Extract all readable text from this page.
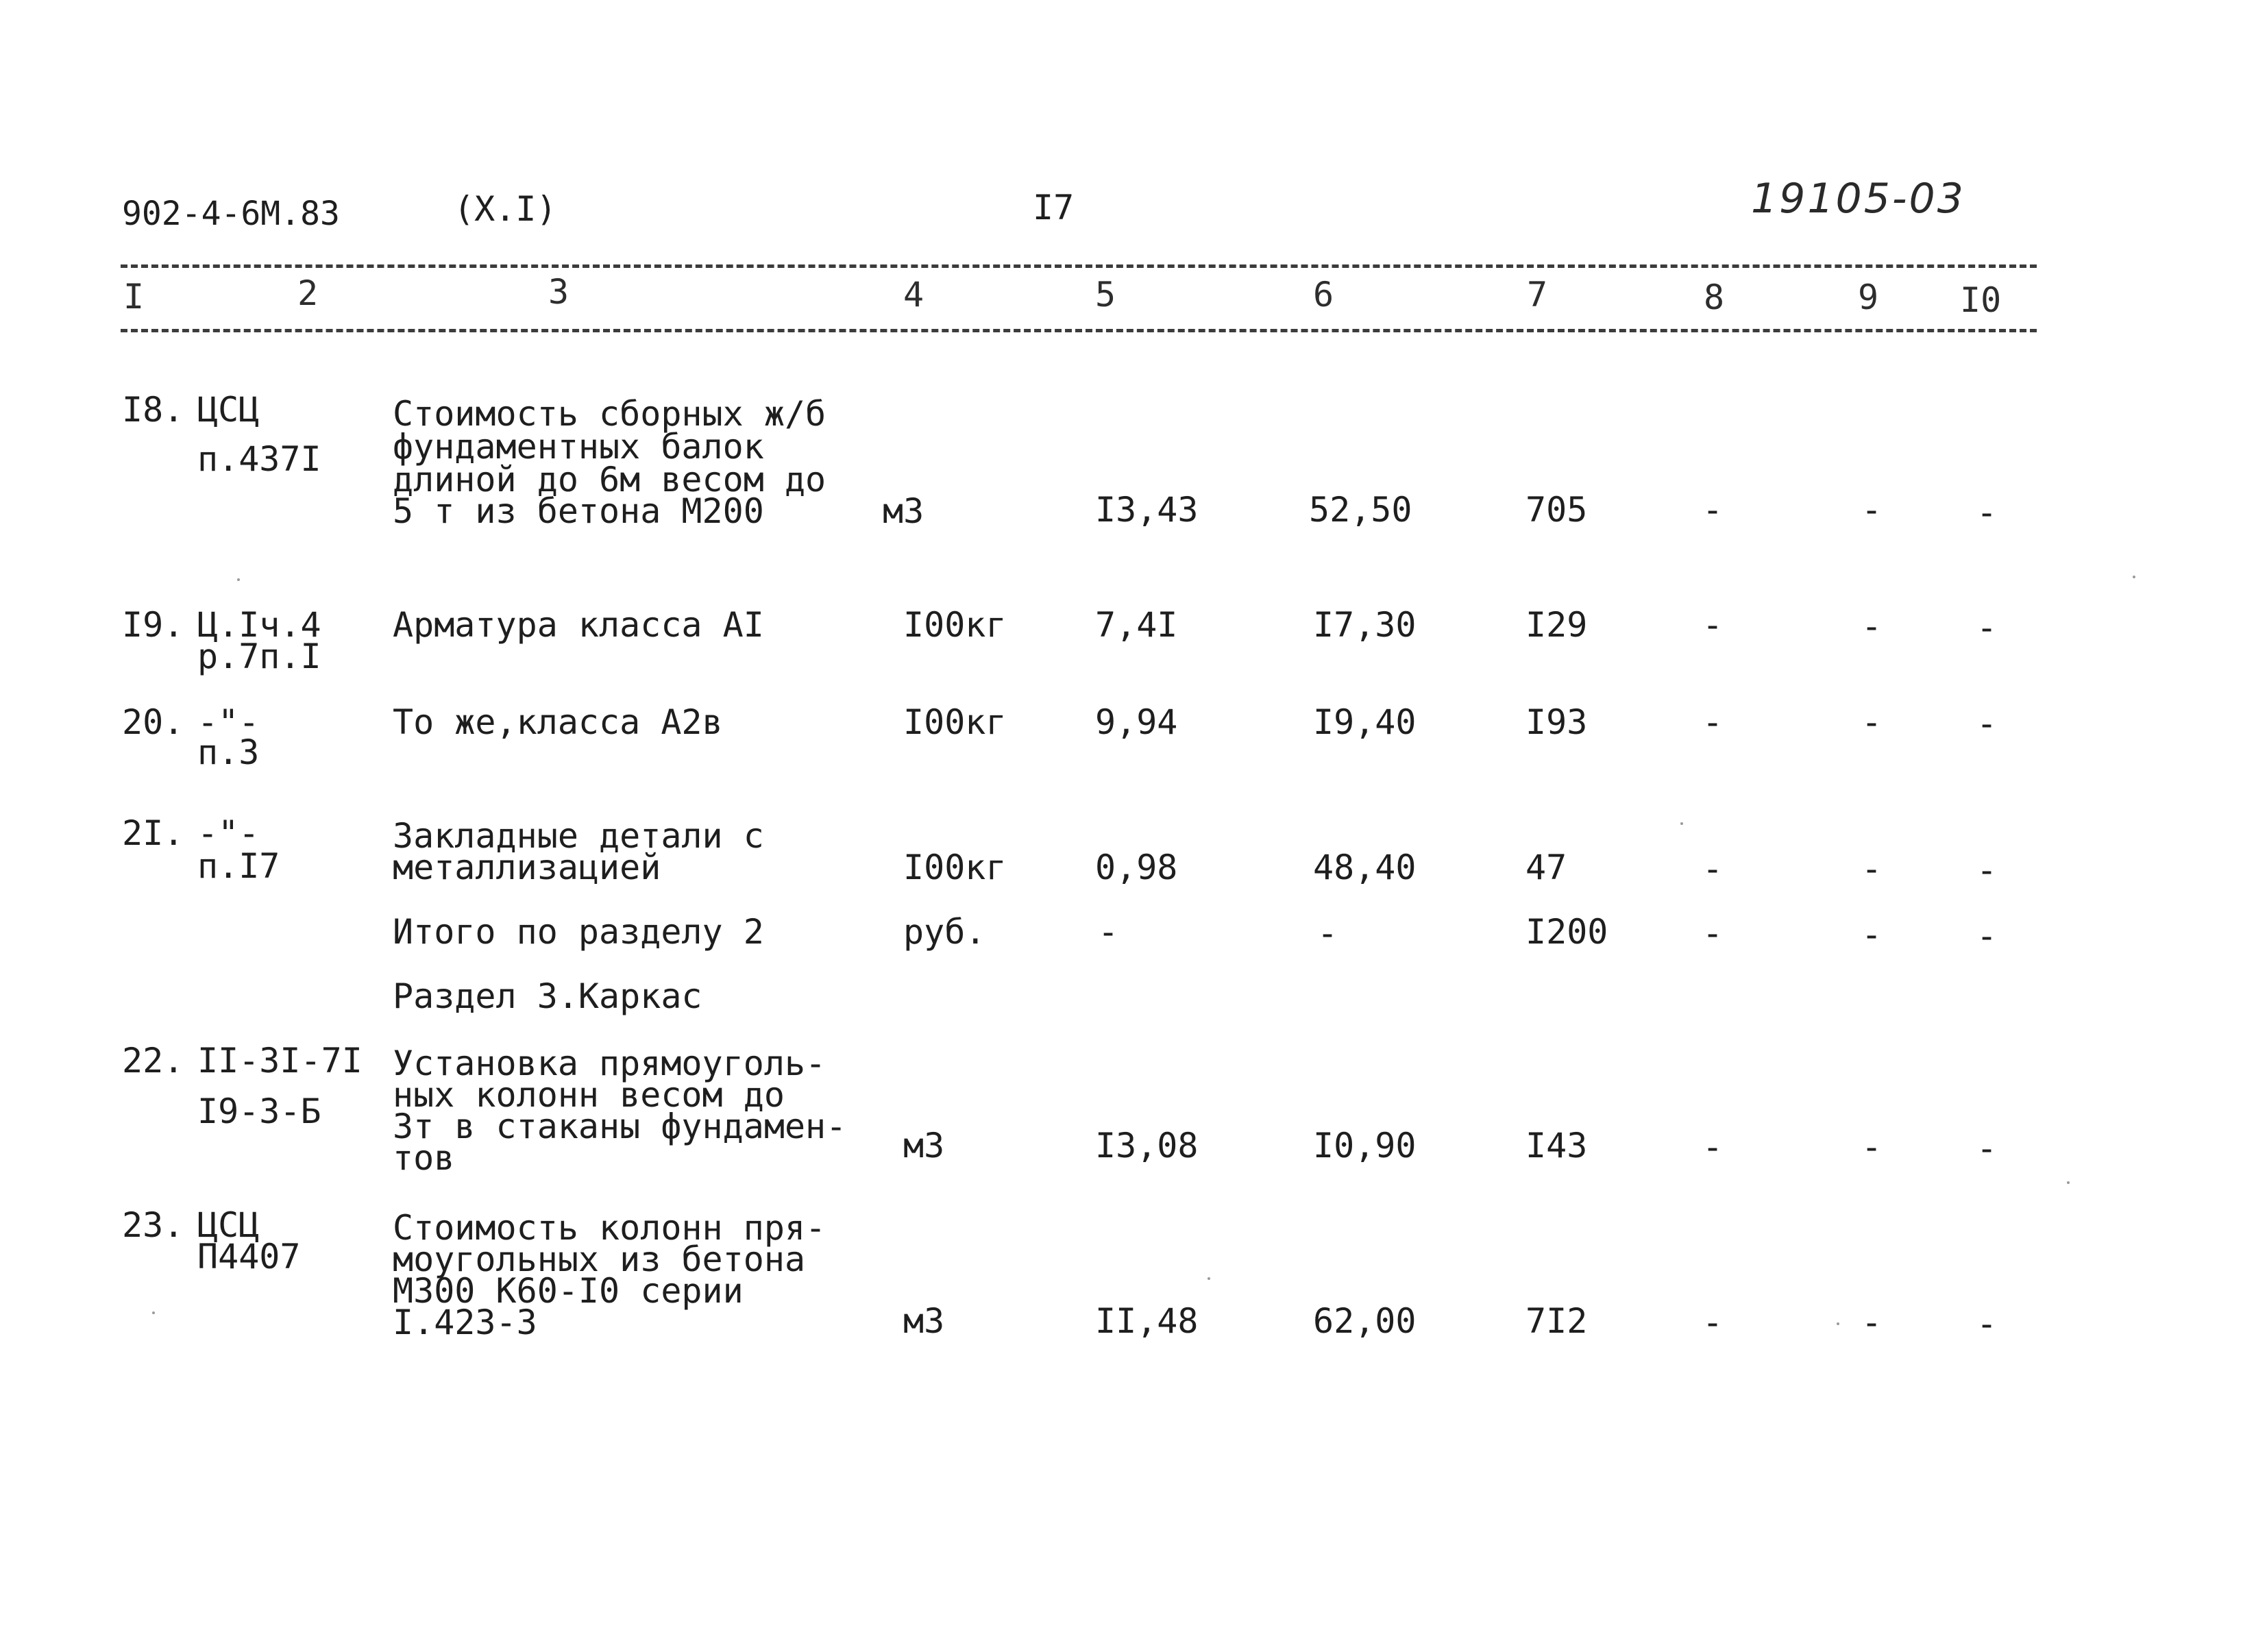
902-4-6М.83	(X.I)	I7	19105-03
I	2	3	4	5	6	7	8	9 I0
I8. ЦСЦ
п.437I
Стоимость сборных ж/б
фундаментных балок
длиной до 6м весом до
5 т из бетона М200	м3	I3,43	52,50	705	-	-	-
I9. Ц.Iч.4
р.7п.I
Арматура класса AI	I00кг	7,4I	I7,30	I29	-	-	-
20. -"-
п.3
То же,класса А2в	I00кг	9,94	I9,40	I93	-	-	-
2I. -"-
п.I7
Закладные детали с
металлизацией	I00кг	0,98	48,40	47	-	-	-
Итого по разделу 2	руб.	-	-	I200	-	-	-
Раздел 3.Каркас
22. II-3I-7I
I9-3-Б
Установка прямоуголь-
ных колонн весом до
3т в стаканы фундамен-
тов	м3	I3,08	I0,90	I43	-	-	-
23. ЦСЦ
П4407
Стоимость колонн пря-
моугольных из бетона
М300 К60-I0 серии
I.423-3	м3	II,48	62,00	7I2	-	-	-
